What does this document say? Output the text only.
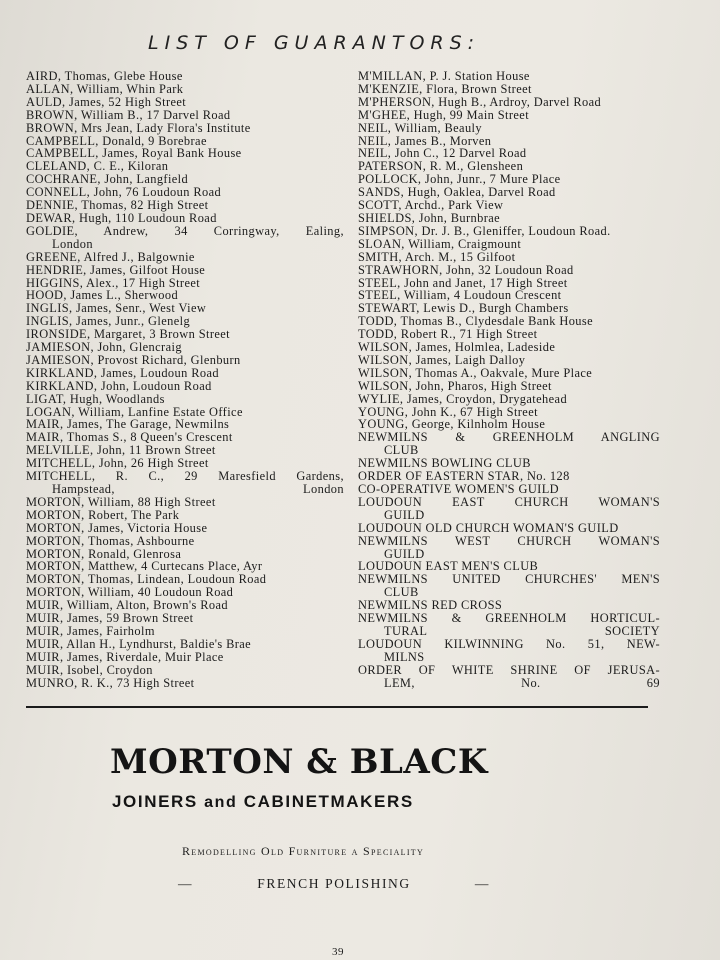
LIST OF GUARANTORS:
AIRD, Thomas, Glebe House
ALLAN, William, Whin Park
AULD, James, 52 High Street
BROWN, William B., 17 Darvel Road
BROWN, Mrs Jean, Lady Flora's Institute
CAMPBELL, Donald, 9 Borebrae
CAMPBELL, James, Royal Bank House
CLELAND, C. E., Kiloran
COCHRANE, John, Langfield
CONNELL, John, 76 Loudoun Road
DENNIE, Thomas, 82 High Street
DEWAR, Hugh, 110 Loudoun Road
GOLDIE, Andrew, 34 Corringway, Ealing,
London
GREENE, Alfred J., Balgownie
HENDRIE, James, Gilfoot House
HIGGINS, Alex., 17 High Street
HOOD, James L., Sherwood
INGLIS, James, Senr., West View
INGLIS, James, Junr., Glenelg
IRONSIDE, Margaret, 3 Brown Street
JAMIESON, John, Glencraig
JAMIESON, Provost Richard, Glenburn
KIRKLAND, James, Loudoun Road
KIRKLAND, John, Loudoun Road
LIGAT, Hugh, Woodlands
LOGAN, William, Lanfine Estate Office
MAIR, James, The Garage, Newmilns
MAIR, Thomas S., 8 Queen's Crescent
MELVILLE, John, 11 Brown Street
MITCHELL, John, 26 High Street
MITCHELL, R. C., 29 Maresfield Gardens,
Hampstead, London
MORTON, William, 88 High Street
MORTON, Robert, The Park
MORTON, James, Victoria House
MORTON, Thomas, Ashbourne
MORTON, Ronald, Glenrosa
MORTON, Matthew, 4 Curtecans Place, Ayr
MORTON, Thomas, Lindean, Loudoun Road
MORTON, William, 40 Loudoun Road
MUIR, William, Alton, Brown's Road
MUIR, James, 59 Brown Street
MUIR, James, Fairholm
MUIR, Allan H., Lyndhurst, Baldie's Brae
MUIR, James, Riverdale, Muir Place
MUIR, Isobel, Croydon
MUNRO, R. K., 73 High Street
M'MILLAN, P. J. Station House
M'KENZIE, Flora, Brown Street
M'PHERSON, Hugh B., Ardroy, Darvel Road
M'GHEE, Hugh, 99 Main Street
NEIL, William, Beauly
NEIL, James B., Morven
NEIL, John C., 12 Darvel Road
PATERSON, R. M., Glensheen
POLLOCK, John, Junr., 7 Mure Place
SANDS, Hugh, Oaklea, Darvel Road
SCOTT, Archd., Park View
SHIELDS, John, Burnbrae
SIMPSON, Dr. J. B., Gleniffer, Loudoun Road.
SLOAN, William, Craigmount
SMITH, Arch. M., 15 Gilfoot
STRAWHORN, John, 32 Loudoun Road
STEEL, John and Janet, 17 High Street
STEEL, William, 4 Loudoun Crescent
STEWART, Lewis D., Burgh Chambers
TODD, Thomas B., Clydesdale Bank House
TODD, Robert R., 71 High Street
WILSON, James, Holmlea, Ladeside
WILSON, James, Laigh Dalloy
WILSON, Thomas A., Oakvale, Mure Place
WILSON, John, Pharos, High Street
WYLIE, James, Croydon, Drygatehead
YOUNG, John K., 67 High Street
YOUNG, George, Kilnholm House
NEWMILNS & GREENHOLM ANGLING
CLUB
NEWMILNS BOWLING CLUB
ORDER OF EASTERN STAR, No. 128
CO-OPERATIVE WOMEN'S GUILD
LOUDOUN EAST CHURCH WOMAN'S
GUILD
LOUDOUN OLD CHURCH WOMAN'S GUILD
NEWMILNS WEST CHURCH WOMAN'S
GUILD
LOUDOUN EAST MEN'S CLUB
NEWMILNS UNITED CHURCHES' MEN'S
CLUB
NEWMILNS RED CROSS
NEWMILNS & GREENHOLM HORTICUL-
TURAL SOCIETY
LOUDOUN KILWINNING No. 51, NEW-
MILNS
ORDER OF WHITE SHRINE OF JERUSA-
LEM, No. 69
MORTON & BLACK
JOINERS and CABINETMAKERS
Remodelling Old Furniture a Speciality
—	FRENCH POLISHING	—
39
